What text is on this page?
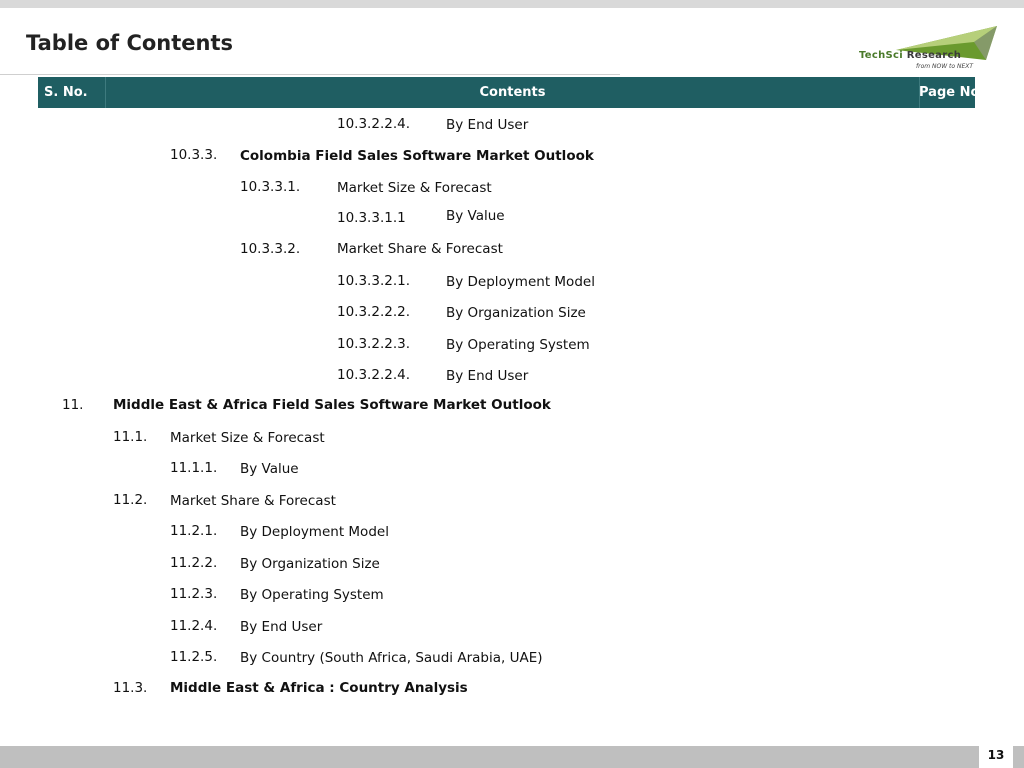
Table of Contents
TechSci Research
from NOW to NEXT
S. No.	Contents	Page No.
10.3.2.2.4.	By End User
10.3.3. Colombia Field Sales Software Market Outlook
10.3.3.1.	Market Size & Forecast
10.3.3.1.1	By Value
10.3.3.2.	Market Share & Forecast
10.3.3.2.1.	By Deployment Model
10.3.2.2.2.	By Organization Size
10.3.2.2.3.	By Operating System
10.3.2.2.4.	By End User
11. Middle East & Africa Field Sales Software Market Outlook
11.1. Market Size & Forecast
11.1.1. By Value
11.2. Market Share & Forecast
11.2.1. By Deployment Model
11.2.2. By Organization Size
11.2.3. By Operating System
11.2.4. By End User
11.2.5. By Country (South Africa, Saudi Arabia, UAE)
11.3. Middle East & Africa : Country Analysis
13
